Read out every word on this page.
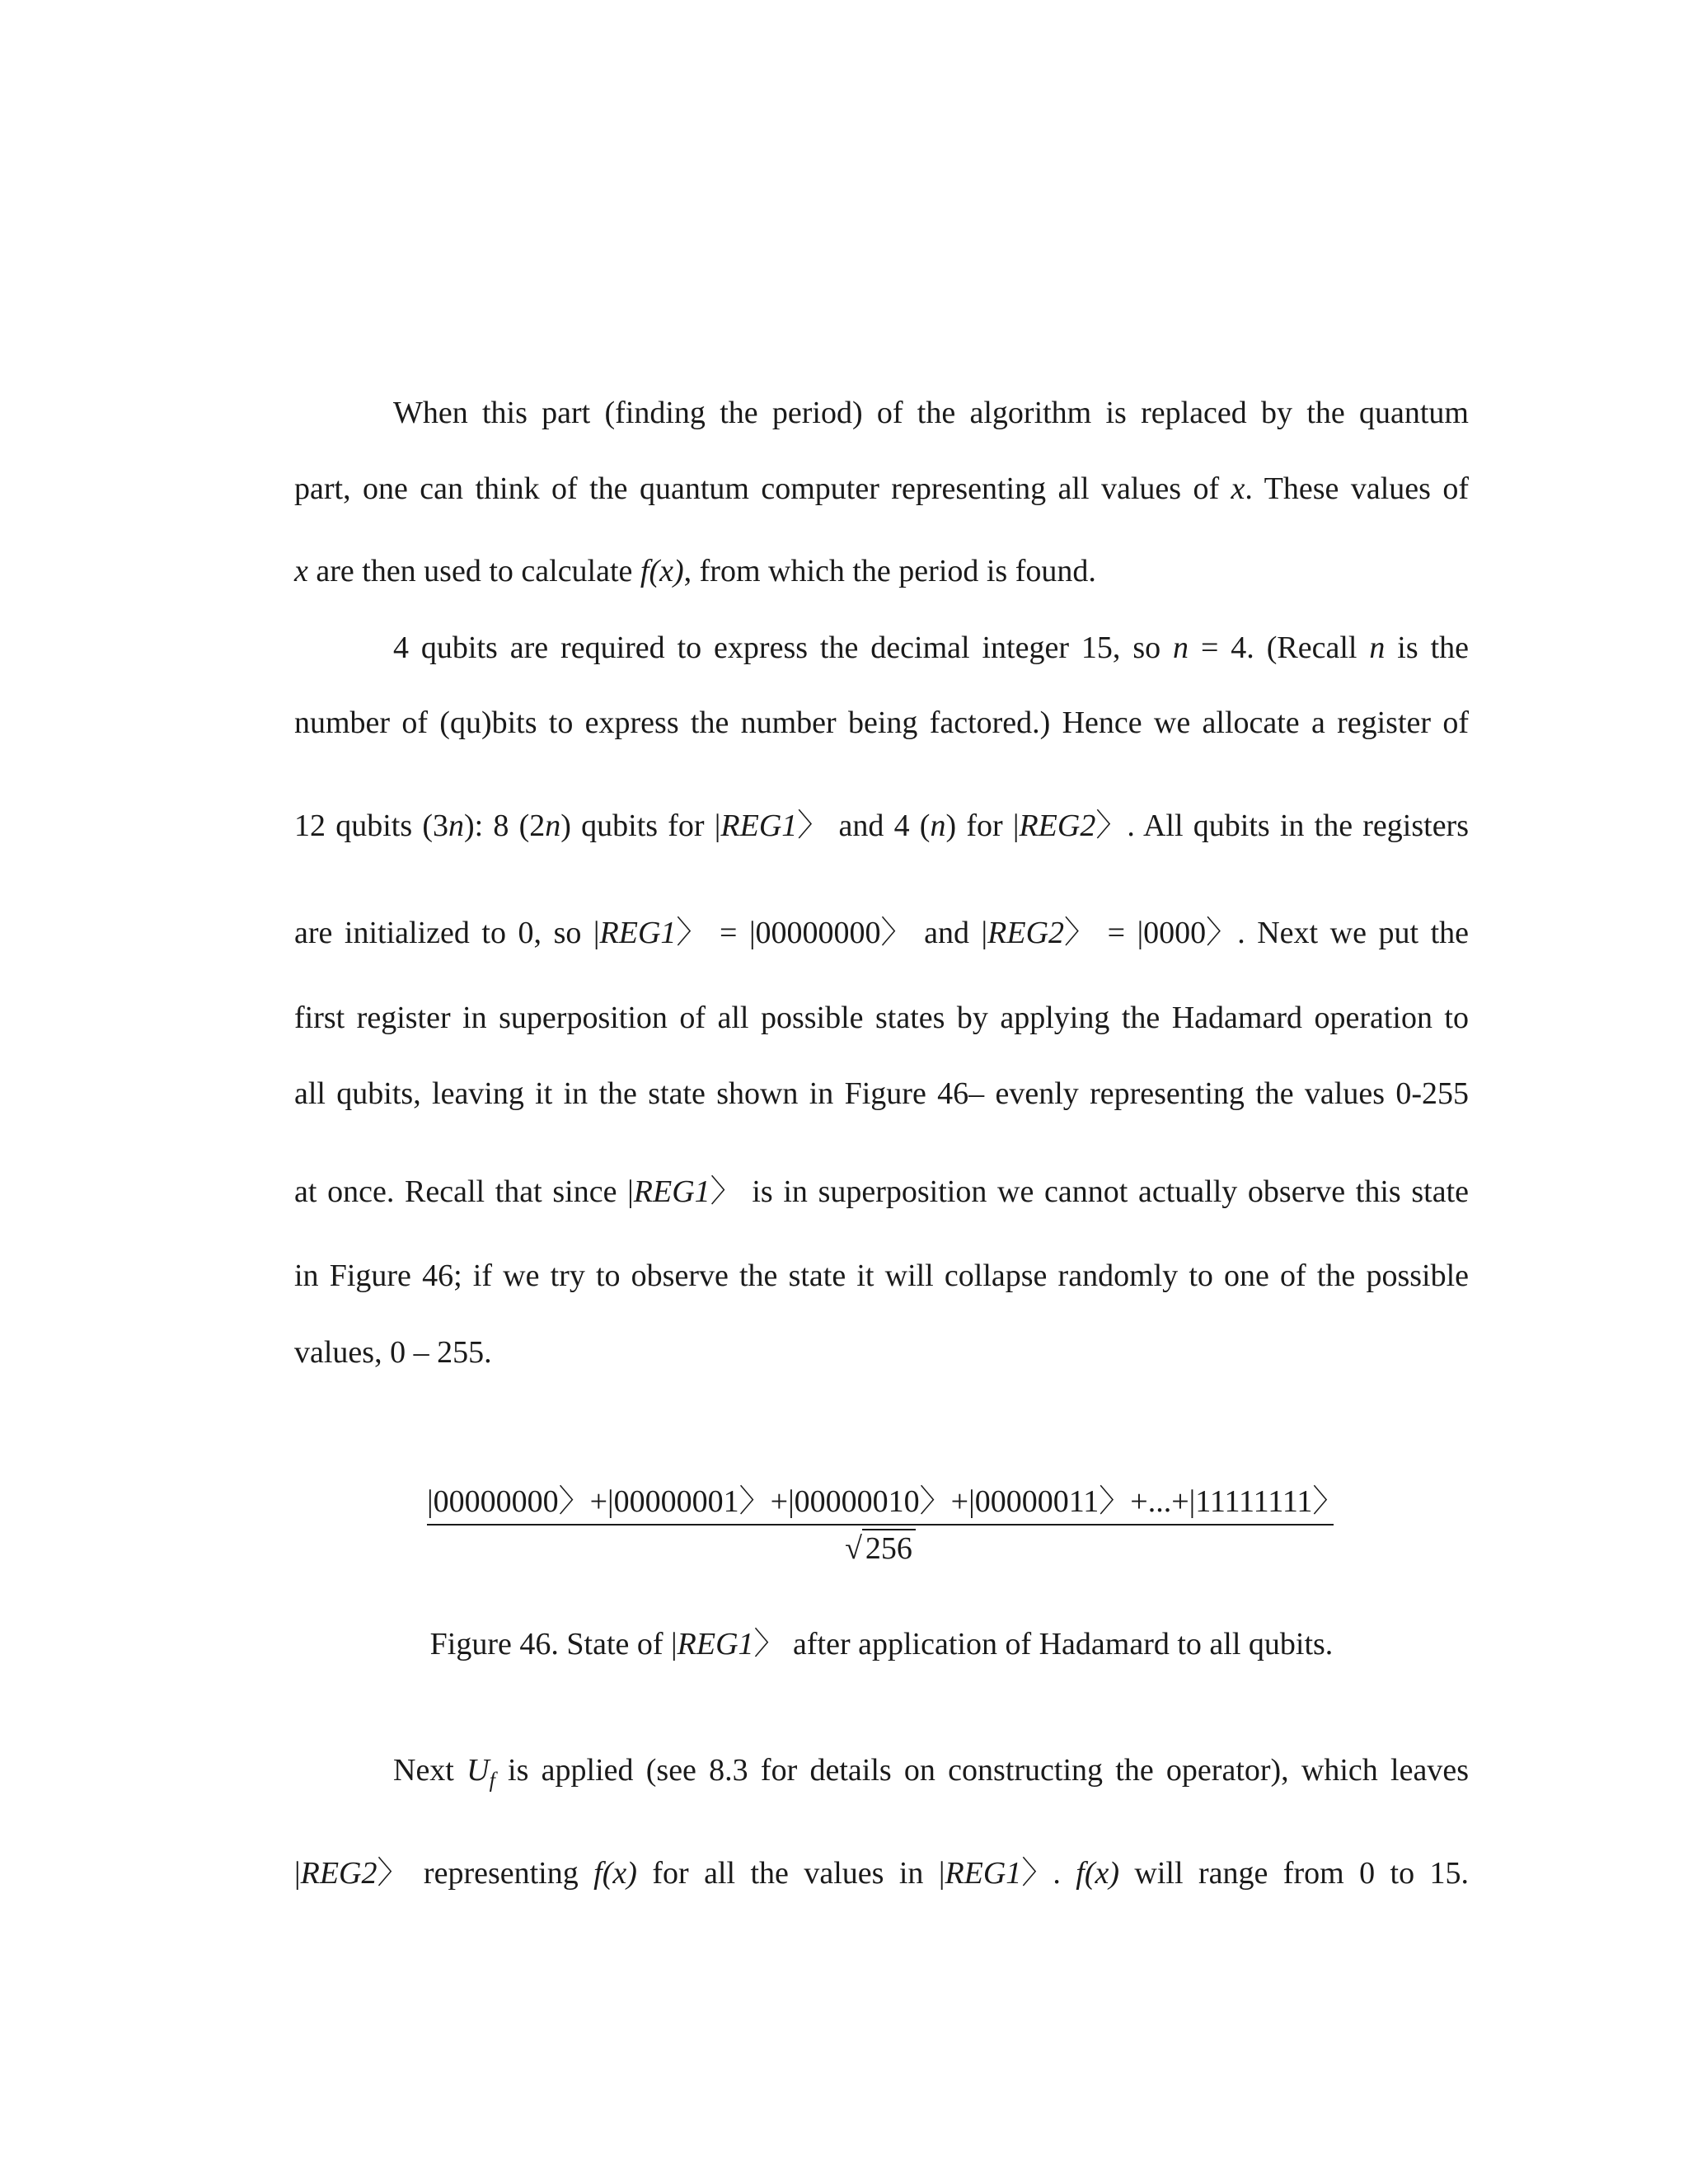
When this part (finding the period) of the algorithm is replaced by the quantum
part, one can think of the quantum computer representing all values of x. These values of
x are then used to calculate f(x), from which the period is found.
4 qubits are required to express the decimal integer 15, so n = 4. (Recall n is the
number of (qu)bits to express the number being factored.) Hence we allocate a register of
12 qubits (3n): 8 (2n) qubits for |REG1〉 and 4 (n) for |REG2〉. All qubits in the registers
are initialized to 0, so |REG1〉 = |00000000〉 and |REG2〉 = |0000〉. Next we put the
first register in superposition of all possible states by applying the Hadamard operation to
all qubits, leaving it in the state shown in Figure 46– evenly representing the values 0-255
at once. Recall that since |REG1〉 is in superposition we cannot actually observe this state
in Figure 46; if we try to observe the state it will collapse randomly to one of the possible
values, 0 – 255.
|00000000〉+|00000001〉+|00000010〉+|00000011〉+...+|11111111〉
√ 256
Figure 46. State of |REG1〉 after application of Hadamard to all qubits.
Next $U_f$ is applied (see 8.3 for details on constructing the operator), which leaves
|REG2〉 representing f(x) for all the values in |REG1〉. f(x) will range from 0 to 15.
